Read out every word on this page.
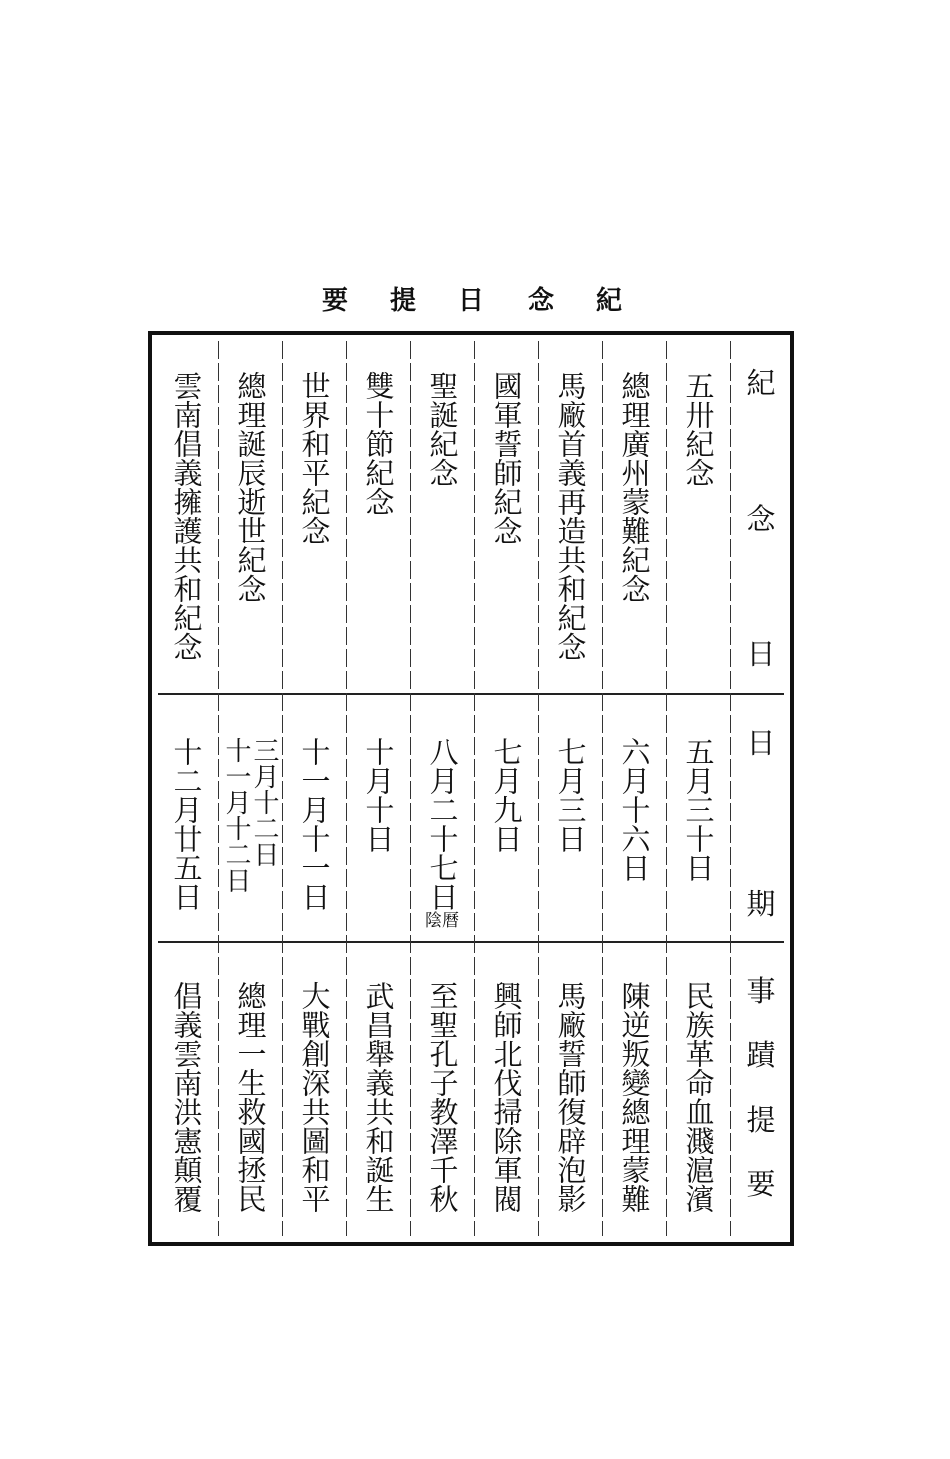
紀
念
日
提
要
紀
念
日
日
期
事
蹟
提
要
五卅紀念
五月三十日
民族革命血濺滬濱
總理廣州蒙難紀念
六月十六日
陳逆叛變總理蒙難
馬廠首義再造共和紀念
七月三日
馬廠誓師復辟泡影
國軍誓師紀念
七月九日
興師北伐掃除軍閥
聖誕紀念
八月二十七日
陰曆
至聖孔子教澤千秋
雙十節紀念
十月十日
武昌舉義共和誕生
世界和平紀念
十一月十一日
大戰創深共圖和平
總理誕辰逝世紀念
十一月十二日
三月十二日
總理一生救國拯民
雲南倡義擁護共和紀念
十二月廿五日
倡義雲南洪憲顛覆
